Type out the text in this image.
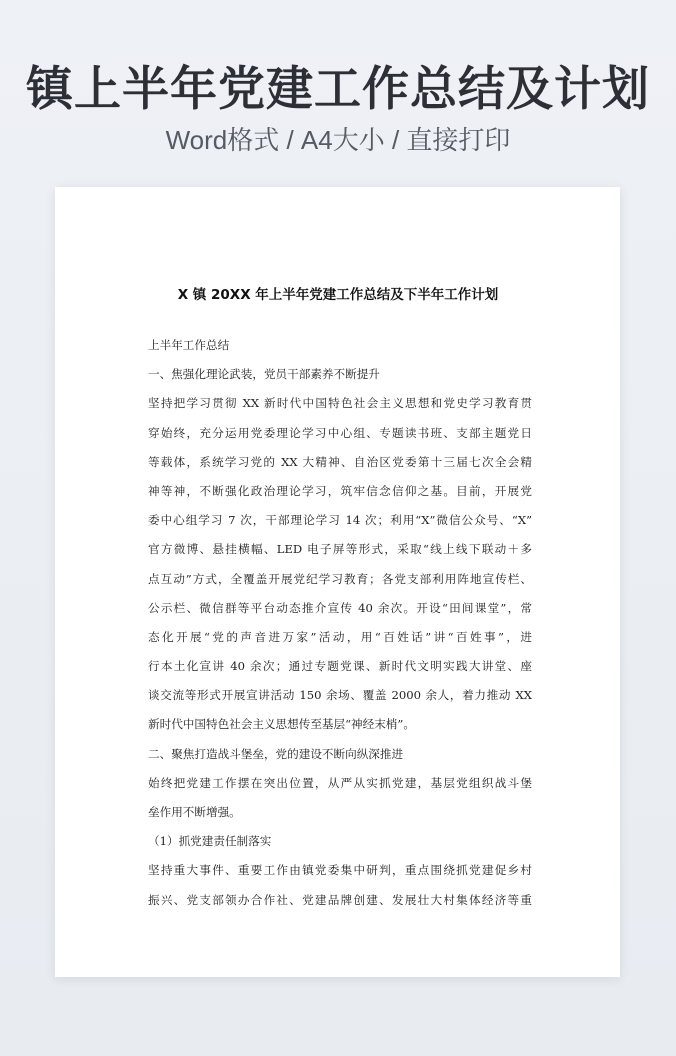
镇上半年党建工作总结及计划
Word格式 / A4大小 / 直接打印
X 镇 20XX 年上半年党建工作总结及下半年工作计划
上半年工作总结
一、焦强化理论武装，党员干部素养不断提升
坚持把学习贯彻 XX 新时代中国特色社会主义思想和党史学习教育贯
穿始终，充分运用党委理论学习中心组、专题读书班、支部主题党日
等载体，系统学习党的 XX 大精神、自治区党委第十三届七次全会精
神等神，不断强化政治理论学习，筑牢信念信仰之基。目前，开展党
委中心组学习 7 次，干部理论学习 14 次；利用“X”微信公众号、“X”
官方微博、悬挂横幅、LED 电子屏等形式，采取“线上线下联动＋多
点互动”方式，全覆盖开展党纪学习教育；各党支部利用阵地宣传栏、
公示栏、微信群等平台动态推介宣传 40 余次。开设“田间课堂”，常
态化开展“党的声音进万家”活动，用“百姓话”讲“百姓事”，进
行本土化宣讲 40 余次；通过专题党课、新时代文明实践大讲堂、座
谈交流等形式开展宣讲活动 150 余场、覆盖 2000 余人，着力推动 XX
新时代中国特色社会主义思想传至基层“神经末梢”。
二、聚焦打造战斗堡垒，党的建设不断向纵深推进
始终把党建工作摆在突出位置，从严从实抓党建，基层党组织战斗堡
垒作用不断增强。
（1）抓党建责任制落实
坚持重大事件、重要工作由镇党委集中研判，重点围绕抓党建促乡村
振兴、党支部领办合作社、党建品牌创建、发展壮大村集体经济等重
